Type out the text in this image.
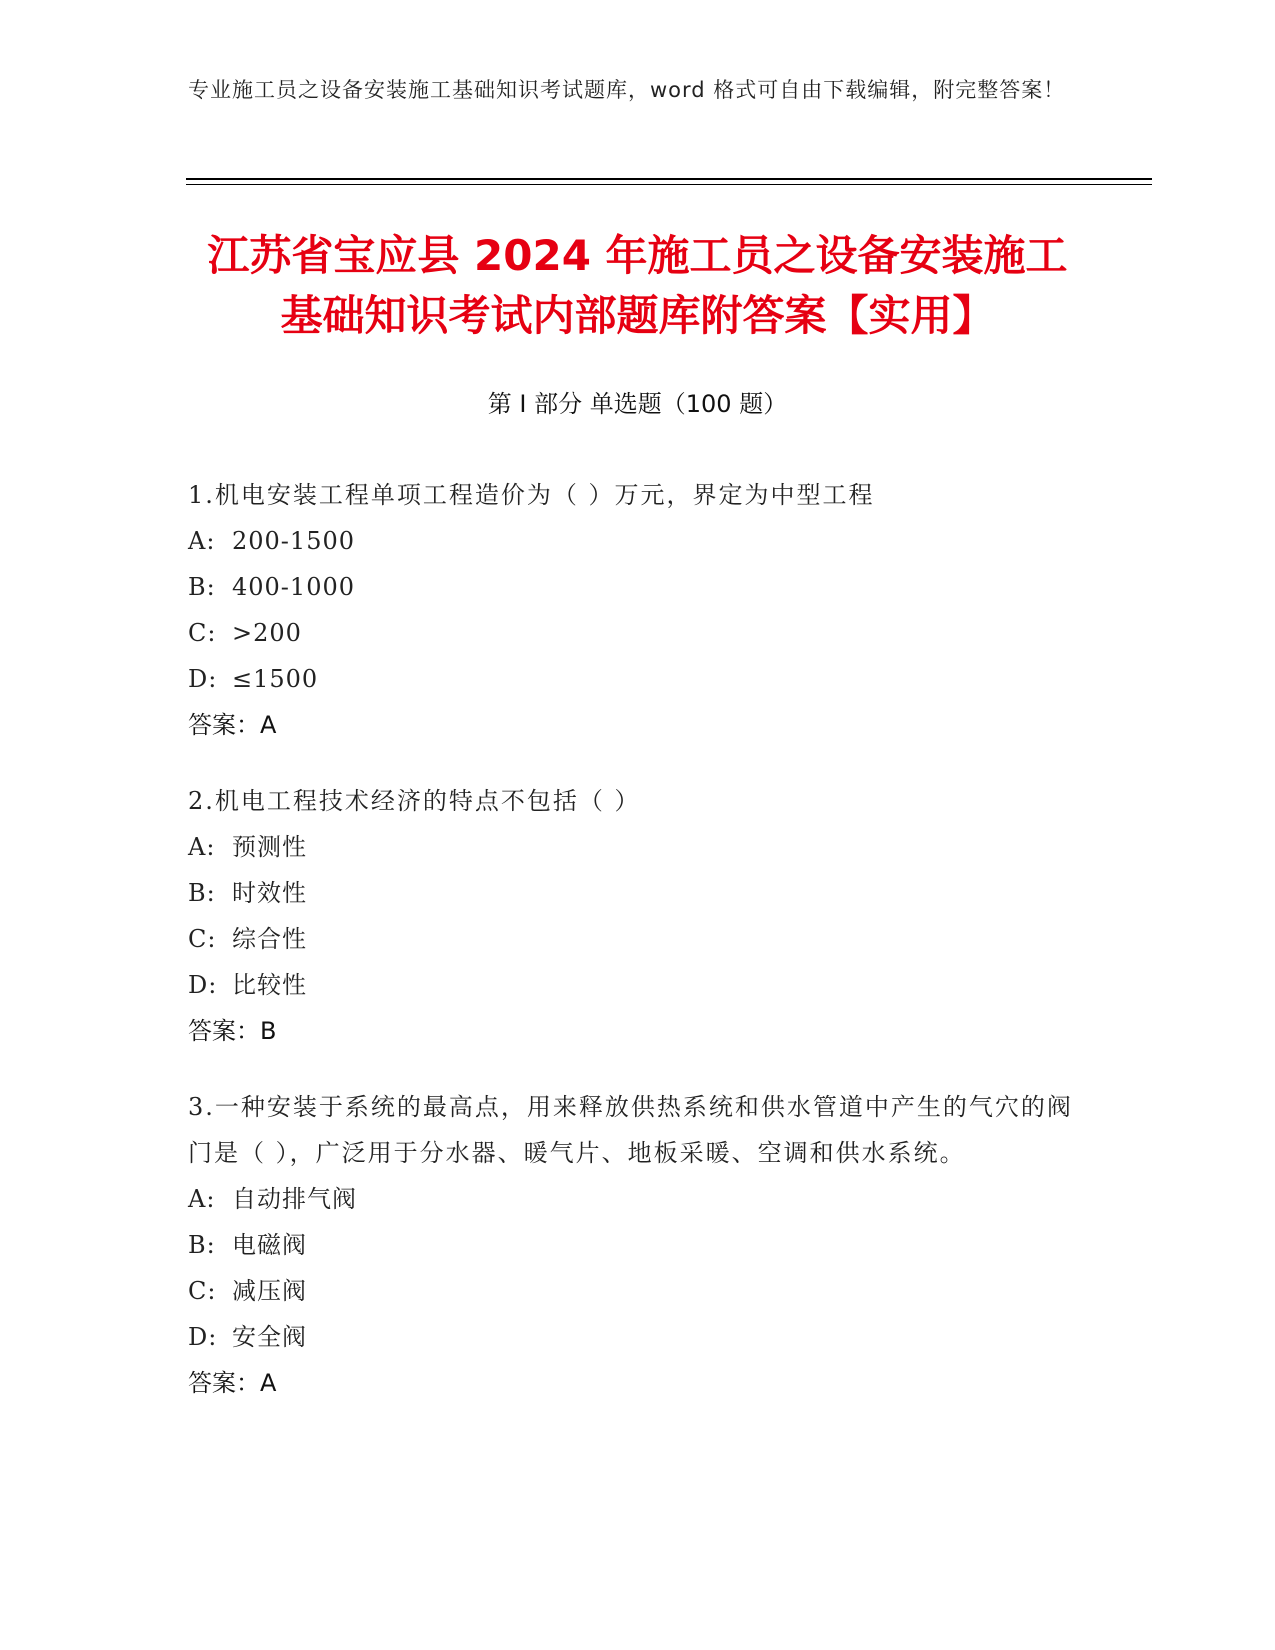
专业施工员之设备安装施工基础知识考试题库，word 格式可自由下载编辑，附完整答案！
江苏省宝应县 2024 年施工员之设备安装施工
基础知识考试内部题库附答案【实用】
第 I 部分 单选题（100 题）
1.机电安装工程单项工程造价为（ ）万元，界定为中型工程
A: 200-1500
B: 400-1000
C: >200
D: ≤1500
答案：A
2.机电工程技术经济的特点不包括（ ）
A: 预测性
B: 时效性
C: 综合性
D: 比较性
答案：B
3.一种安装于系统的最高点，用来释放供热系统和供水管道中产生的气穴的阀门是（ ），广泛用于分水器、暖气片、地板采暖、空调和供水系统。
A: 自动排气阀
B: 电磁阀
C: 减压阀
D: 安全阀
答案：A
